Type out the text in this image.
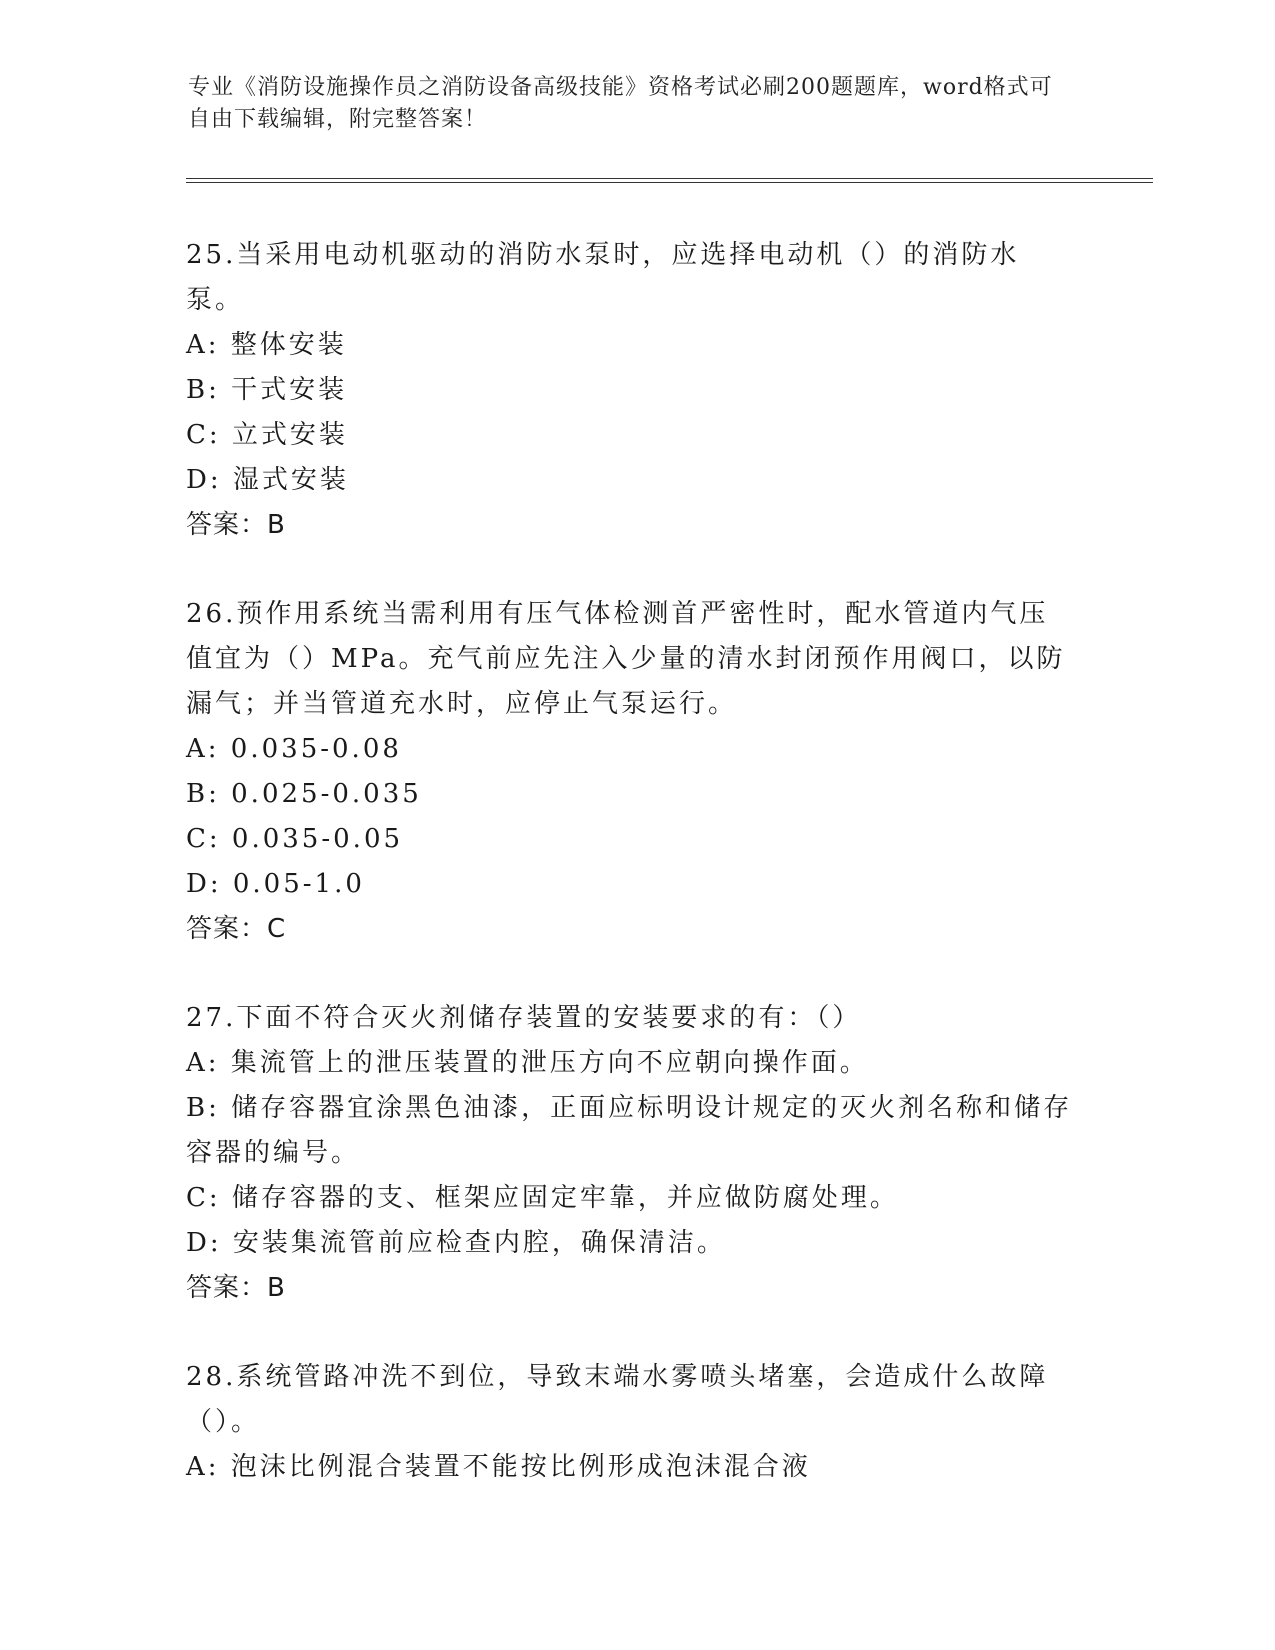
专业《消防设施操作员之消防设备高级技能》资格考试必刷200题题库，word格式可自由下载编辑，附完整答案！
25.当采用电动机驱动的消防水泵时，应选择电动机（）的消防水泵。
A: 整体安装
B: 干式安装
C: 立式安装
D: 湿式安装
答案：B
26.预作用系统当需利用有压气体检测首严密性时，配水管道内气压值宜为（）MPa。充气前应先注入少量的清水封闭预作用阀口，以防漏气；并当管道充水时，应停止气泵运行。
A: 0.035-0.08
B: 0.025-0.035
C: 0.035-0.05
D: 0.05-1.0
答案：C
27.下面不符合灭火剂储存装置的安装要求的有：（）
A: 集流管上的泄压装置的泄压方向不应朝向操作面。
B: 储存容器宜涂黑色油漆，正面应标明设计规定的灭火剂名称和储存容器的编号。
C: 储存容器的支、框架应固定牢靠，并应做防腐处理。
D: 安装集流管前应检查内腔，确保清洁。
答案：B
28.系统管路冲洗不到位，导致末端水雾喷头堵塞，会造成什么故障（）。
A: 泡沫比例混合装置不能按比例形成泡沫混合液
